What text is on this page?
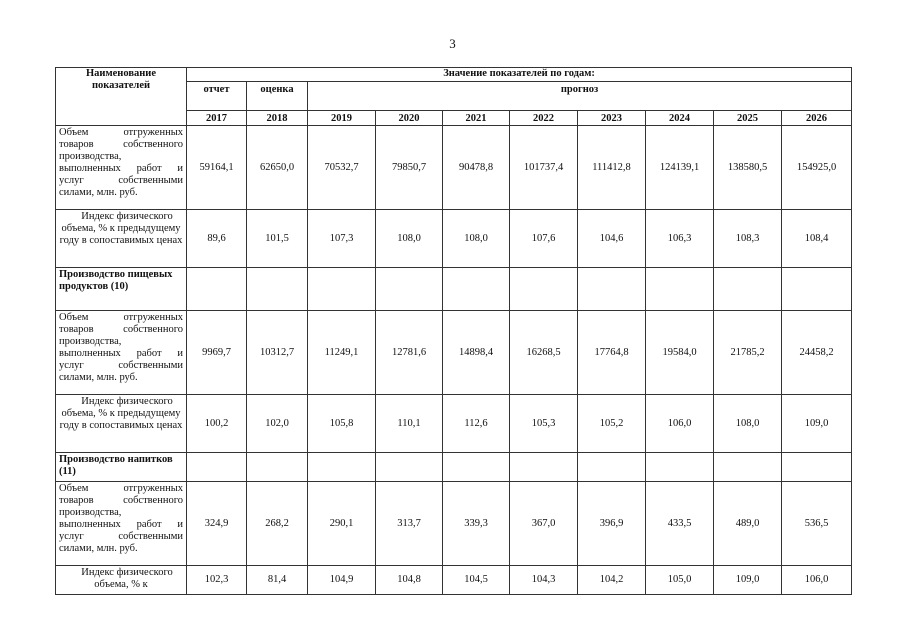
3
Наименование показателей	Значение показателей по годам:									
	отчет	оценка	прогноз							
	2017	2018	2019	2020	2021	2022	2023	2024	2025	2026
Объем отгруженных товаров собственного производства, выполненных работ и услуг собственными силами, млн. руб.	59164,1	62650,0	70532,7	79850,7	90478,8	101737,4	111412,8	124139,1	138580,5	154925,0
Индекс физического объема, % к предыдущему году в сопоставимых ценах	89,6	101,5	107,3	108,0	108,0	107,6	104,6	106,3	108,3	108,4
Производство пищевых продуктов (10)										
Объем отгруженных товаров собственного производства, выполненных работ и услуг собственными силами, млн. руб.	9969,7	10312,7	11249,1	12781,6	14898,4	16268,5	17764,8	19584,0	21785,2	24458,2
Индекс физического объема, % к предыдущему году в сопоставимых ценах	100,2	102,0	105,8	110,1	112,6	105,3	105,2	106,0	108,0	109,0
Производство напитков (11)										
Объем отгруженных товаров собственного производства, выполненных работ и услуг собственными силами, млн. руб.	324,9	268,2	290,1	313,7	339,3	367,0	396,9	433,5	489,0	536,5
Индекс физического объема, % к	102,3	81,4	104,9	104,8	104,5	104,3	104,2	105,0	109,0	106,0
